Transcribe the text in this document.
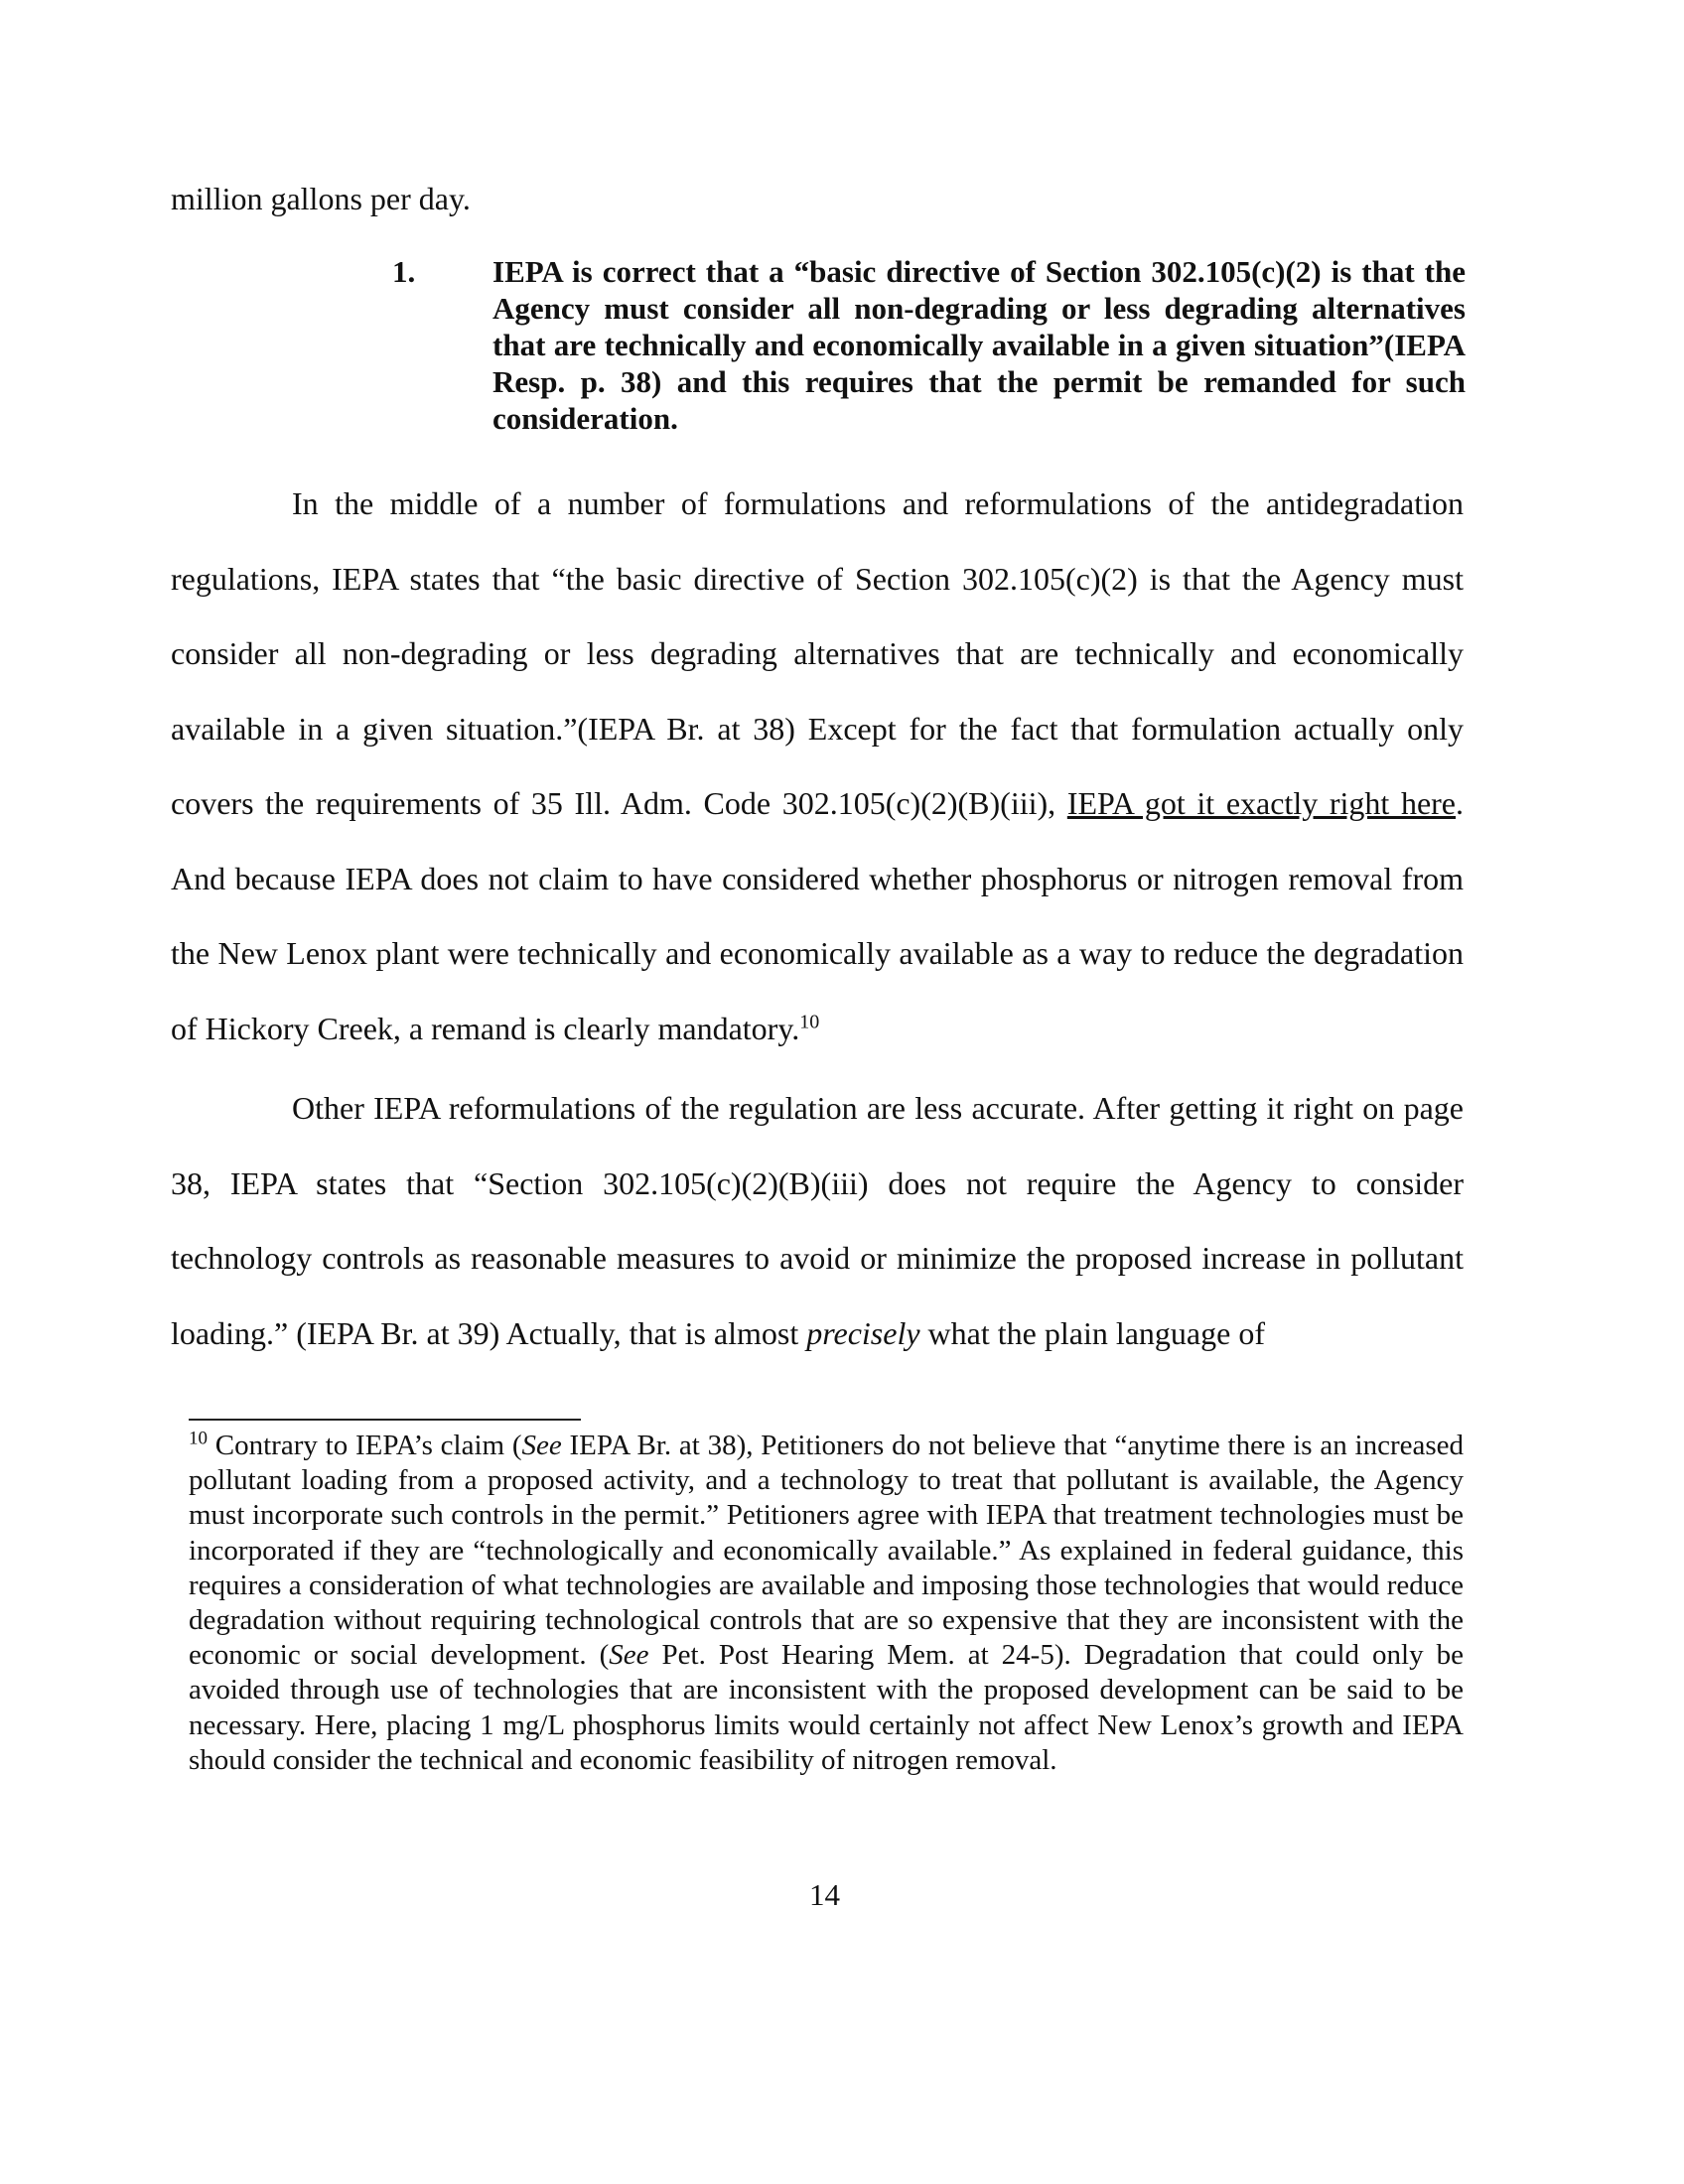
million gallons per day.
1.	IEPA is correct that a “basic directive of Section 302.105(c)(2) is that the Agency must consider all non-degrading or less degrading alternatives that are technically and economically available in a given situation”(IEPA Resp. p. 38) and this requires that the permit be remanded for such consideration.
In the middle of a number of formulations and reformulations of the antidegradation regulations, IEPA states that “the basic directive of Section 302.105(c)(2) is that the Agency must consider all non-degrading or less degrading alternatives that are technically and economically available in a given situation.”(IEPA Br. at 38) Except for the fact that formulation actually only covers the requirements of 35 Ill. Adm. Code 302.105(c)(2)(B)(iii), IEPA got it exactly right here. And because IEPA does not claim to have considered whether phosphorus or nitrogen removal from the New Lenox plant were technically and economically available as a way to reduce the degradation of Hickory Creek, a remand is clearly mandatory.$^{10}$
Other IEPA reformulations of the regulation are less accurate. After getting it right on page 38, IEPA states that “Section 302.105(c)(2)(B)(iii) does not require the Agency to consider technology controls as reasonable measures to avoid or minimize the proposed increase in pollutant loading.” (IEPA Br. at 39) Actually, that is almost precisely what the plain language of
$^{10}$ Contrary to IEPA’s claim (See IEPA Br. at 38), Petitioners do not believe that “anytime there is an increased pollutant loading from a proposed activity, and a technology to treat that pollutant is available, the Agency must incorporate such controls in the permit.” Petitioners agree with IEPA that treatment technologies must be incorporated if they are “technologically and economically available.” As explained in federal guidance, this requires a consideration of what technologies are available and imposing those technologies that would reduce degradation without requiring technological controls that are so expensive that they are inconsistent with the economic or social development. (See Pet. Post Hearing Mem. at 24-5). Degradation that could only be avoided through use of technologies that are inconsistent with the proposed development can be said to be necessary. Here, placing 1 mg/L phosphorus limits would certainly not affect New Lenox’s growth and IEPA should consider the technical and economic feasibility of nitrogen removal.
14
